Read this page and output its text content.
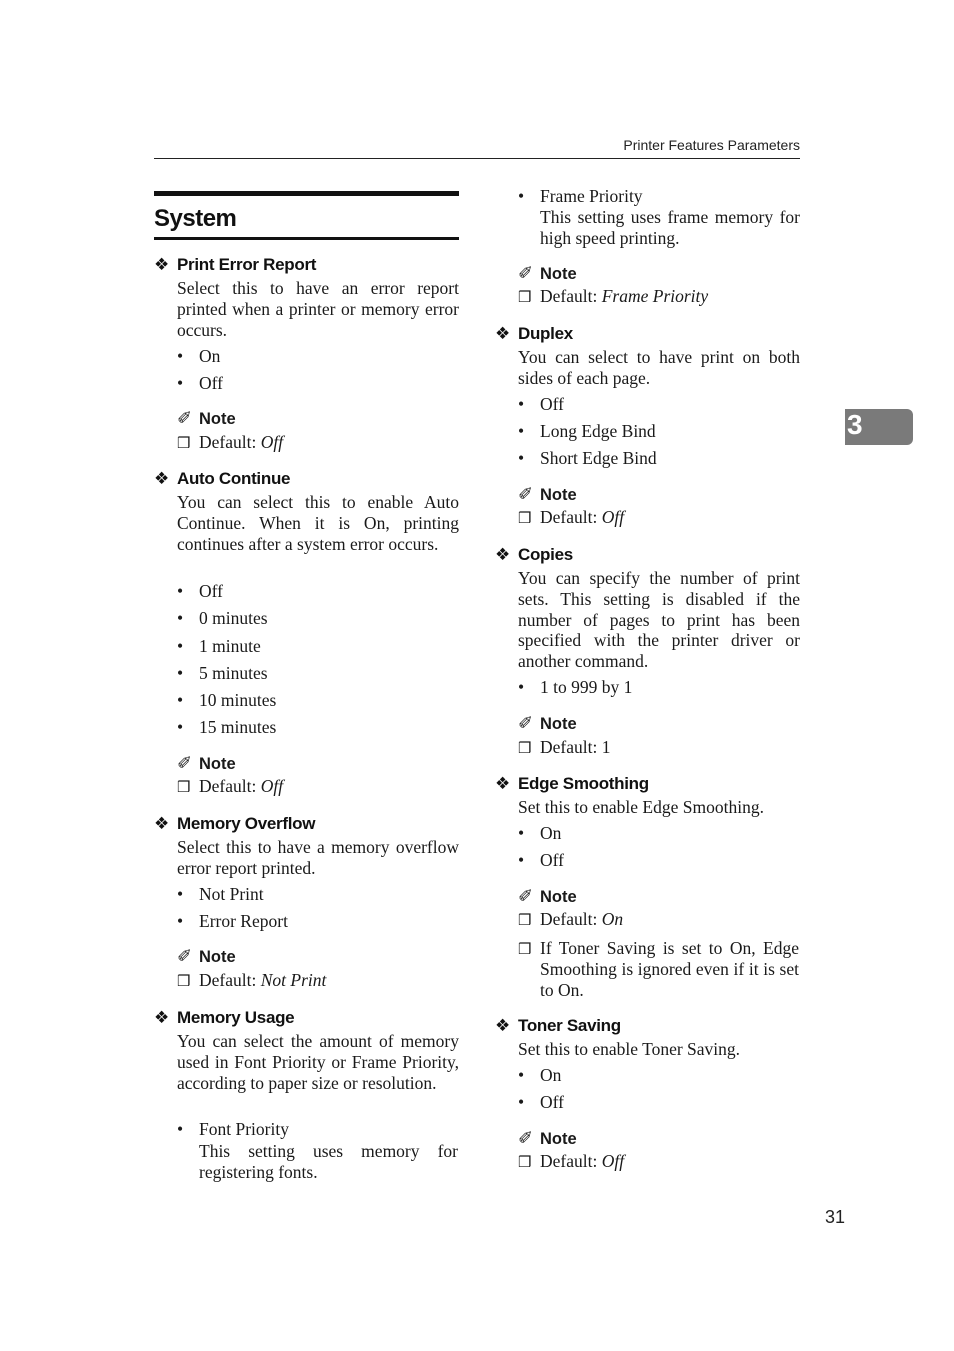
Printer Features Parameters
System
❖ Print Error Report
Select this to have an error report printed when a printer or memory error occurs.
• On
• Off
✐ Note
❒ Default: Off
❖ Auto Continue
You can select this to enable Auto Continue. When it is On, printing continues after a system error occurs.
• Off
• 0 minutes
• 1 minute
• 5 minutes
• 10 minutes
• 15 minutes
✐ Note
❒ Default: Off
❖ Memory Overflow
Select this to have a memory overflow error report printed.
• Not Print
• Error Report
✐ Note
❒ Default: Not Print
❖ Memory Usage
You can select the amount of memory used in Font Priority or Frame Priority, according to paper size or resolution.
• Font Priority
This setting uses memory for registering fonts.
• Frame Priority
This setting uses frame memory for high speed printing.
✐ Note
❒ Default: Frame Priority
❖ Duplex
You can select to have print on both sides of each page.
• Off
• Long Edge Bind
• Short Edge Bind
✐ Note
❒ Default: Off
❖ Copies
You can specify the number of print sets. This setting is disabled if the number of pages to print has been specified with the printer driver or another command.
• 1 to 999 by 1
✐ Note
❒ Default: 1
❖ Edge Smoothing
Set this to enable Edge Smoothing.
• On
• Off
✐ Note
❒ Default: On
❒ If Toner Saving is set to On, Edge Smoothing is ignored even if it is set to On.
❖ Toner Saving
Set this to enable Toner Saving.
• On
• Off
✐ Note
❒ Default: Off
3
31
